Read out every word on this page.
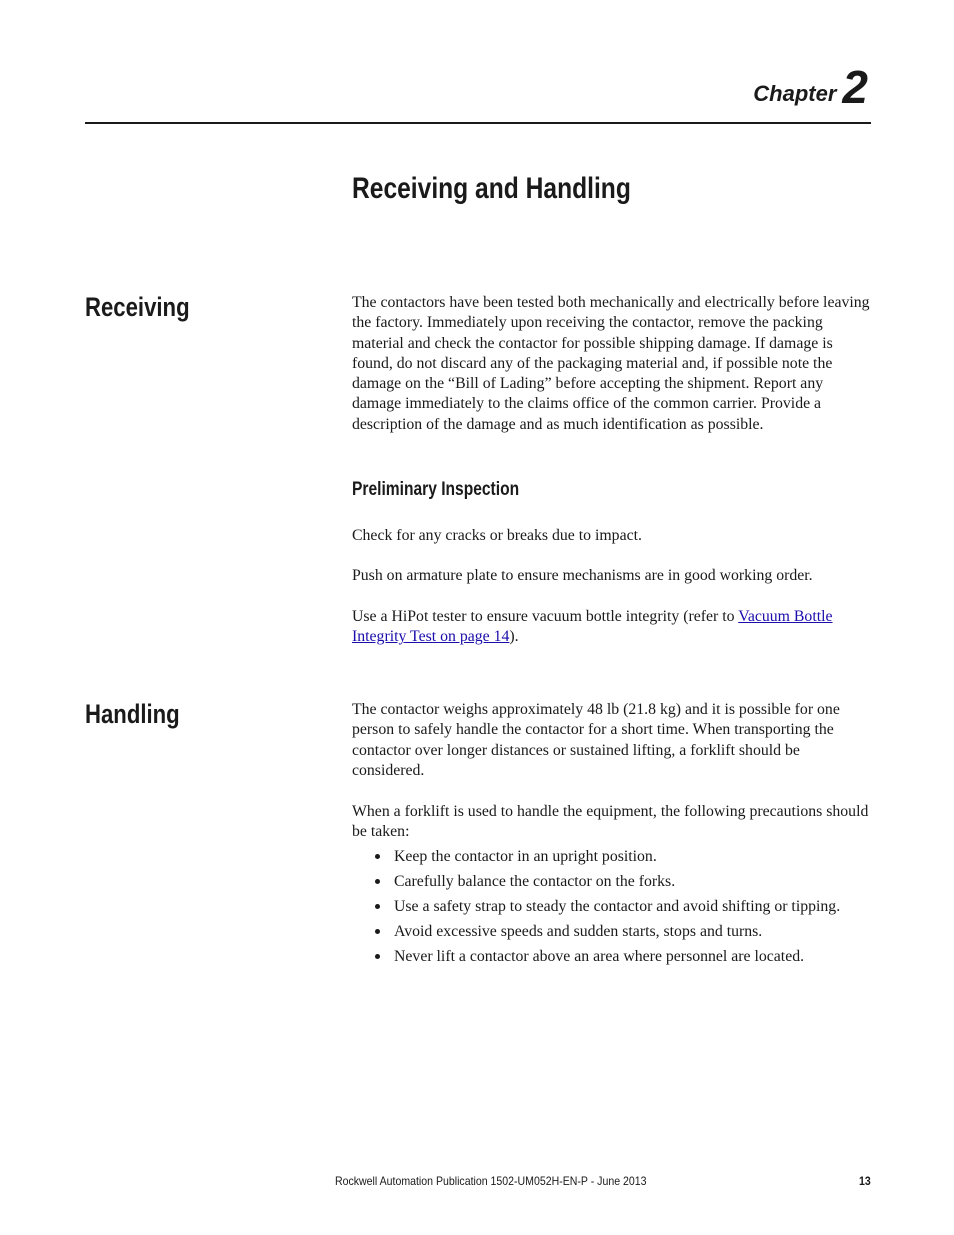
Chapter 2
Receiving and Handling
Receiving	The contactors have been tested both mechanically and electrically before leaving the factory. Immediately upon receiving the contactor, remove the packing material and check the contactor for possible shipping damage. If damage is found, do not discard any of the packaging material and, if possible note the damage on the “Bill of Lading” before accepting the shipment. Report any damage immediately to the claims office of the common carrier. Provide a description of the damage and as much identification as possible.

Preliminary Inspection

Check for any cracks or breaks due to impact.

Push on armature plate to ensure mechanisms are in good working order.

Use a HiPot tester to ensure vacuum bottle integrity (refer to Vacuum Bottle Integrity Test on page 14).

Handling	The contactor weighs approximately 48 lb (21.8 kg) and it is possible for one person to safely handle the contactor for a short time. When transporting the contactor over longer distances or sustained lifting, a forklift should be considered.

When a forklift is used to handle the equipment, the following precautions should be taken:

Keep the contactor in an upright position.
Carefully balance the contactor on the forks.
Use a safety strap to steady the contactor and avoid shifting or tipping.
Avoid excessive speeds and sudden starts, stops and turns.
Never lift a contactor above an area where personnel are located.
Rockwell Automation Publication 1502-UM052H-EN-P - June 2013	13
